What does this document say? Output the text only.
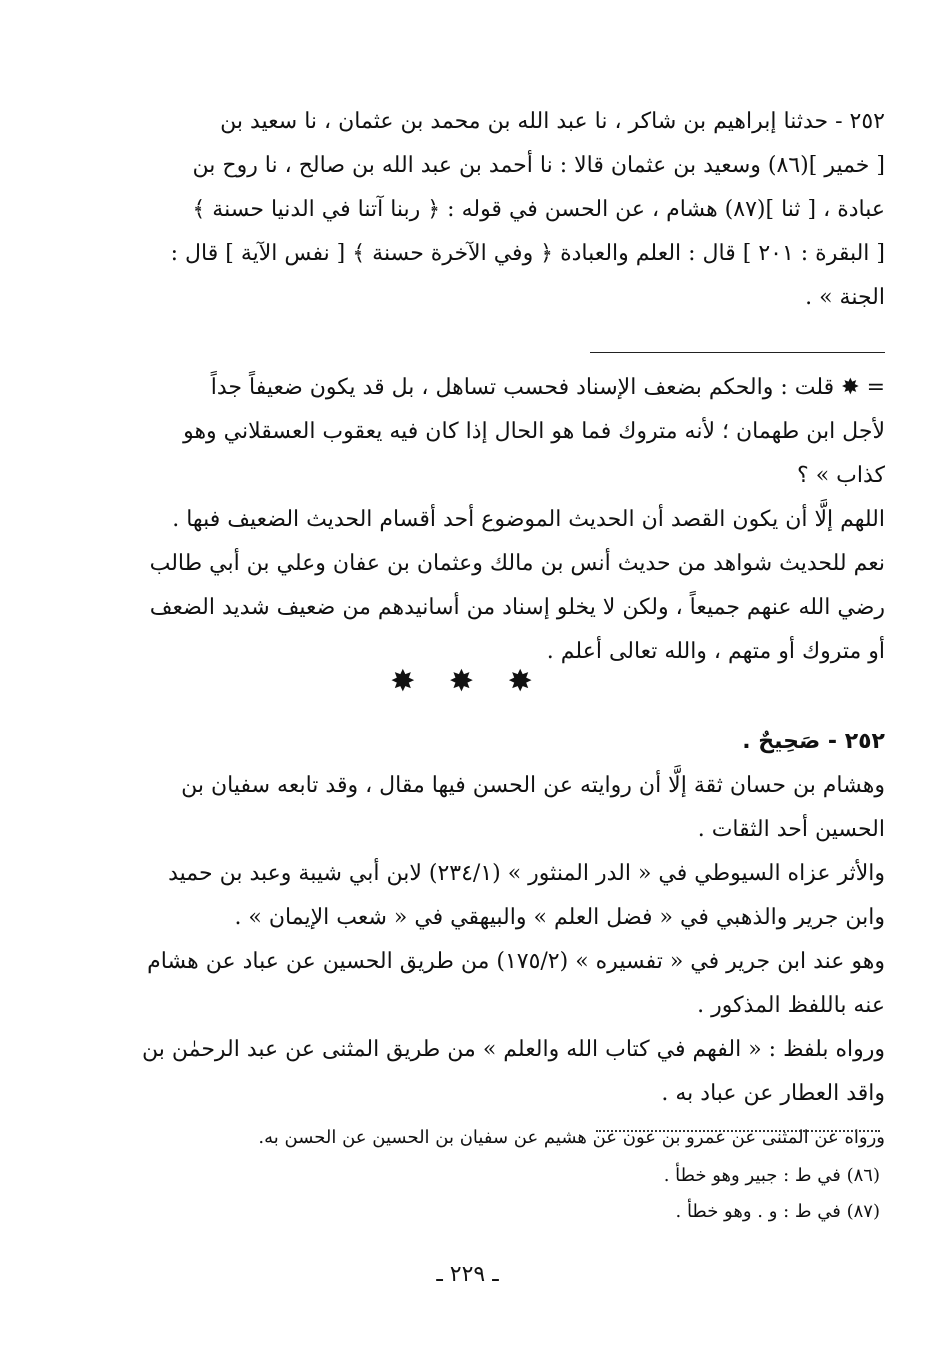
٢٥٢ - حدثنا إبراهيم بن شاكر ، نا عبد الله بن محمد بن عثمان ، نا سعيد بن
[ خمير ](٨٦) وسعيد بن عثمان قالا : نا أحمد بن عبد الله بن صالح ، نا روح بن
عبادة ، [ ثنا ](٨٧) هشام ، عن الحسن في قوله : ﴿ ربنا آتنا في الدنيا حسنة ﴾
[ البقرة : ٢٠١ ] قال : العلم والعبادة ﴿ وفي الآخرة حسنة ﴾ [ نفس الآية ] قال :
الجنة » .
= ✸ قلت : والحكم بضعف الإسناد فحسب تساهل ، بل قد يكون ضعيفاً جداً
لأجل ابن طهمان ؛ لأنه متروك فما هو الحال إذا كان فيه يعقوب العسقلاني وهو
كذاب » ؟
اللهم إلَّا أن يكون القصد أن الحديث الموضوع أحد أقسام الحديث الضعيف فبها .
نعم للحديث شواهد من حديث أنس بن مالك وعثمان بن عفان وعلي بن أبي طالب
رضي الله عنهم جميعاً ، ولكن لا يخلو إسناد من أسانيدهم من ضعيف شديد الضعف
أو متروك أو متهم ، والله تعالى أعلم .
✸ ✸ ✸
٢٥٢ - صَحِيحٌ .
وهشام بن حسان ثقة إلَّا أن روايته عن الحسن فيها مقال ، وقد تابعه سفيان بن
الحسين أحد الثقات .
والأثر عزاه السيوطي في « الدر المنثور » (٢٣٤/١) لابن أبي شيبة وعبد بن حميد
وابن جرير والذهبي في « فضل العلم » والبيهقي في « شعب الإيمان » .
وهو عند ابن جرير في « تفسيره » (١٧٥/٢) من طريق الحسين عن عباد عن هشام
عنه باللفظ المذكور .
ورواه بلفظ : « الفهم في كتاب الله والعلم » من طريق المثنى عن عبد الرحمٰن بن
واقد العطار عن عباد به .
ورواه عن المثنى عن عمرو بن عون عن هشيم عن سفيان بن الحسين عن الحسن به.
(٨٦) في ط : جبير وهو خطأ .
(٨٧) في ط : و . وهو خطأ .
ـ ٢٢٩ ـ
